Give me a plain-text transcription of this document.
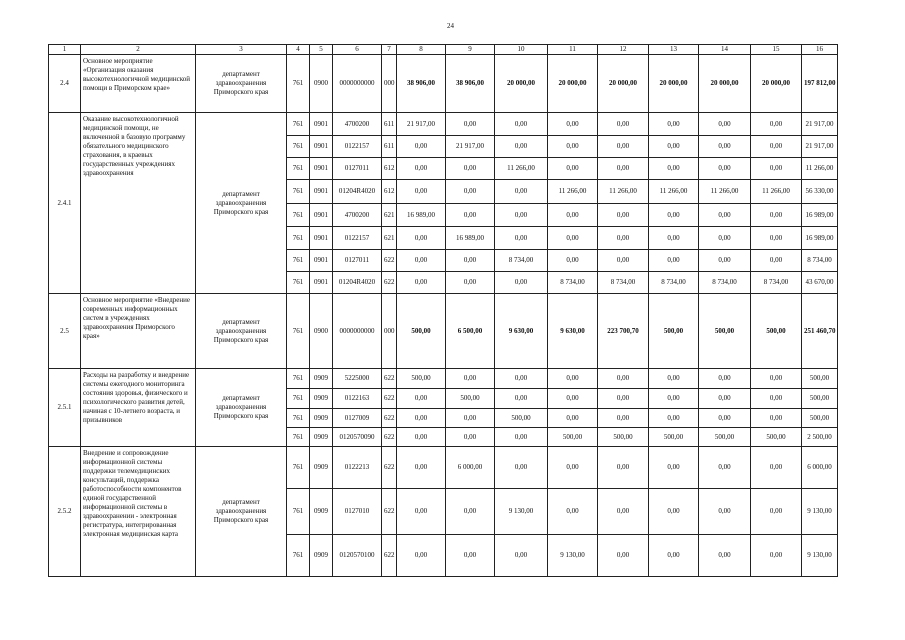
24
1	2	3	4	5	6	7	8	9	10	11	12	13	14	15	16
2.4	Основное мероприятие «Организация оказания высокотехнологичной медицинской помощи в Приморском крае»	департамент здравоохранения Приморского края	761	0900	0000000000	000	38 906,00	38 906,00	20 000,00	20 000,00	20 000,00	20 000,00	20 000,00	20 000,00	197 812,00
2.4.1	Оказание высокотехнологичной медицинской помощи, не включенной в базовую программу обязательного медицинского страхования, в краевых государственных учреждениях здравоохранения	департамент здравоохранения Приморского края	761	0901	4700200	611	21 917,00	0,00	0,00	0,00	0,00	0,00	0,00	0,00	21 917,00
			761	0901	0122157	611	0,00	21 917,00	0,00	0,00	0,00	0,00	0,00	0,00	21 917,00
			761	0901	0127011	612	0,00	0,00	11 266,00	0,00	0,00	0,00	0,00	0,00	11 266,00
			761	0901	01204R4020	612	0,00	0,00	0,00	11 266,00	11 266,00	11 266,00	11 266,00	11 266,00	56 330,00
			761	0901	4700200	621	16 989,00	0,00	0,00	0,00	0,00	0,00	0,00	0,00	16 989,00
			761	0901	0122157	621	0,00	16 989,00	0,00	0,00	0,00	0,00	0,00	0,00	16 989,00
			761	0901	0127011	622	0,00	0,00	8 734,00	0,00	0,00	0,00	0,00	0,00	8 734,00
			761	0901	01204R4020	622	0,00	0,00	0,00	8 734,00	8 734,00	8 734,00	8 734,00	8 734,00	43 670,00
2.5	Основное мероприятие «Внедрение современных информационных систем в учреждениях здравоохранения Приморского края»	департамент здравоохранения Приморского края	761	0900	0000000000	000	500,00	6 500,00	9 630,00	9 630,00	223 700,70	500,00	500,00	500,00	251 460,70
2.5.1	Расходы на разработку и внедрение системы ежегодного мониторинга состояния здоровья, физического и психологического развития детей, начиная с 10-летнего возраста, и призывников	департамент здравоохранения Приморского края	761	0909	5225000	622	500,00	0,00	0,00	0,00	0,00	0,00	0,00	0,00	500,00
			761	0909	0122163	622	0,00	500,00	0,00	0,00	0,00	0,00	0,00	0,00	500,00
			761	0909	0127009	622	0,00	0,00	500,00	0,00	0,00	0,00	0,00	0,00	500,00
			761	0909	0120570090	622	0,00	0,00	0,00	500,00	500,00	500,00	500,00	500,00	2 500,00
2.5.2	Внедрение и сопровождение информационной системы поддержки телемедицинских консультаций, поддержка работоспособности компонентов единой государственной информационной системы в здравоохранении - электронная регистратура, интегрированная электронная медицинская карта	департамент здравоохранения Приморского края	761	0909	0122213	622	0,00	6 000,00	0,00	0,00	0,00	0,00	0,00	0,00	6 000,00
			761	0909	0127010	622	0,00	0,00	9 130,00	0,00	0,00	0,00	0,00	0,00	9 130,00
			761	0909	0120570100	622	0,00	0,00	0,00	9 130,00	0,00	0,00	0,00	0,00	9 130,00
